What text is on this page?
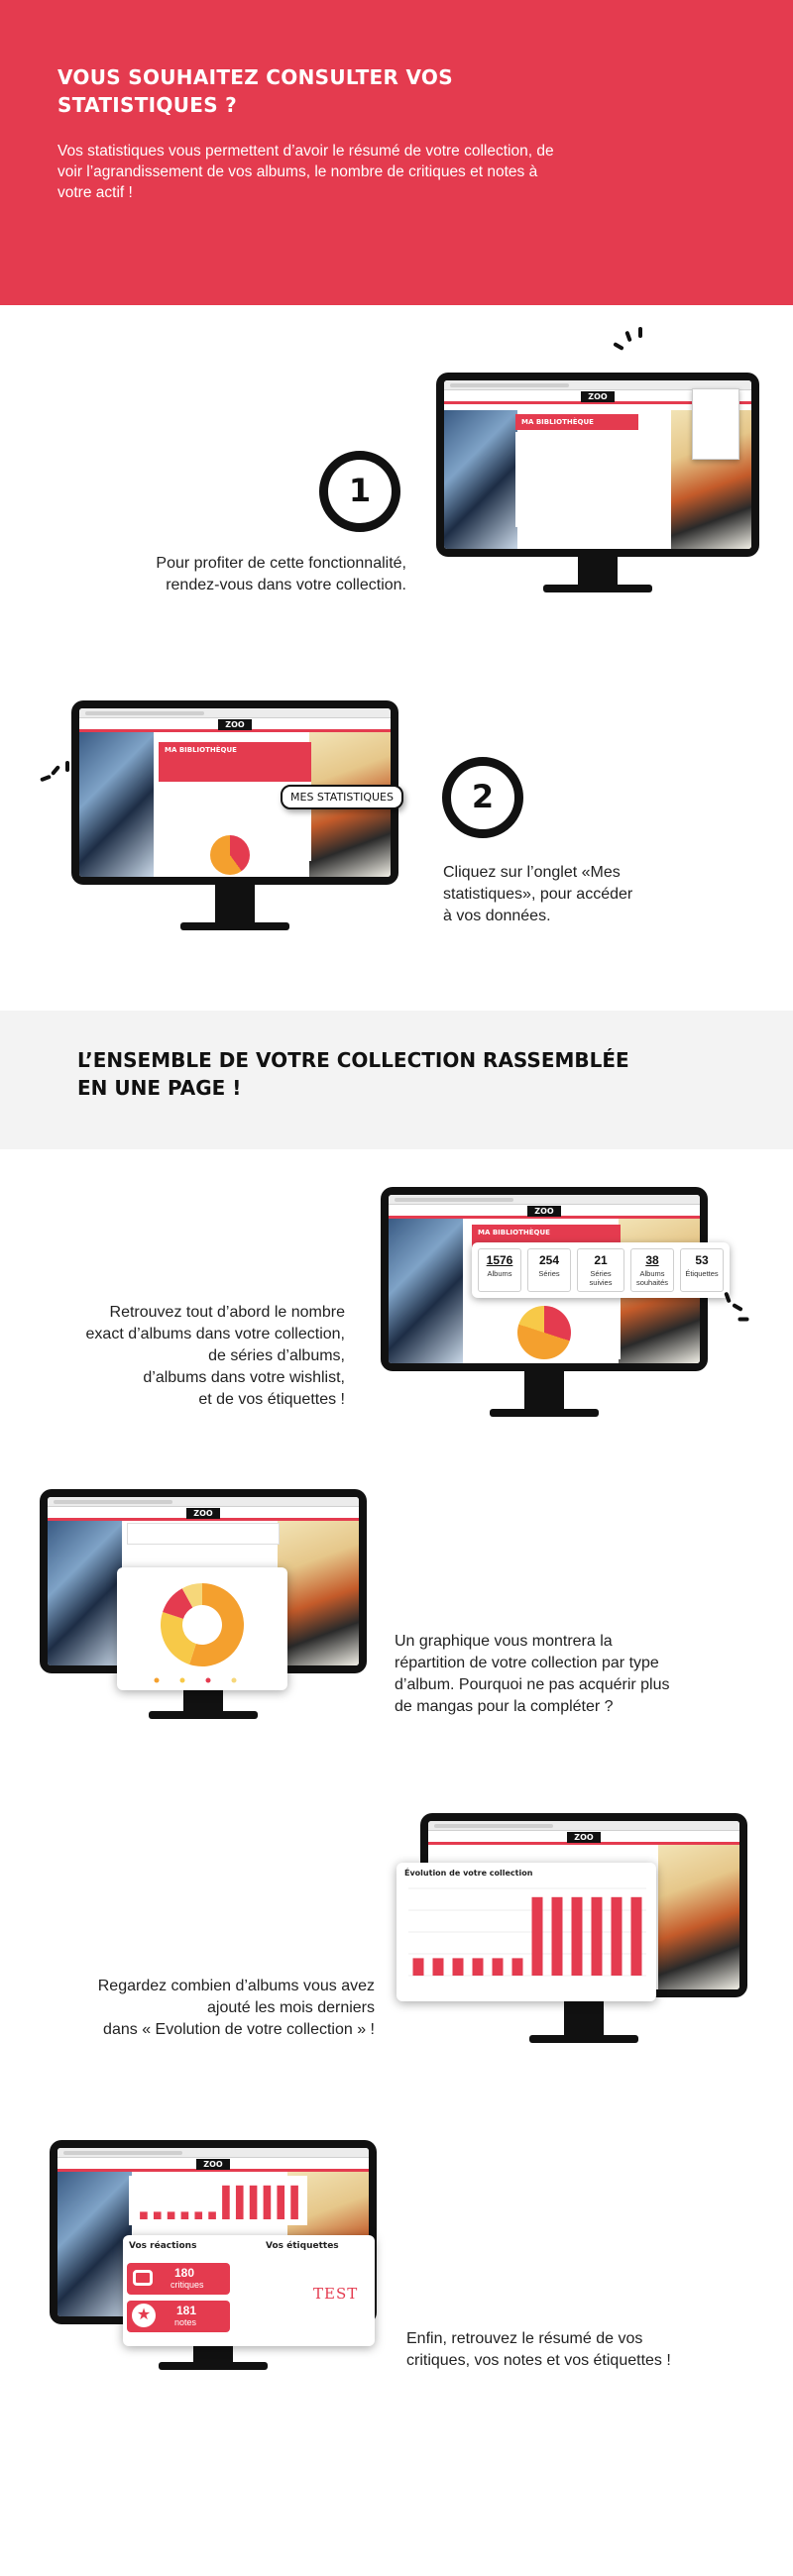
VOUS SOUHAITEZ CONSULTER VOS STATISTIQUES ?

Vos statistiques vous permettent d’avoir le résumé de votre collection, de voir l’agrandissement de vos albums, le nombre de critiques et notes à votre actif !

ZOO
MA BIBLIOTHÈQUE
1
Pour profiter de cette fonctionnalité,
rendez-vous dans votre collection.
ZOO
MA BIBLIOTHÈQUE
MES STATISTIQUES	2
Cliquez sur l’onglet «Mes
statistiques», pour accéder
à vos données.
L’ENSEMBLE DE VOTRE COLLECTION RASSEMBLÉE
EN UNE PAGE !
ZOO
MA BIBLIOTHÈQUE
1576
Albums
254
Séries
21
Séries suivies
38
Albums souhaités
53
Étiquettes
Retrouvez tout d’abord le nombre
exact d’albums dans votre collection,
de séries d’albums,
d’albums dans votre wishlist,
et de vos étiquettes !
ZOO
Un graphique vous montrera la
répartition de votre collection par type
d’album. Pourquoi ne pas acquérir plus
de mangas pour la compléter ?
ZOO
Évolution de votre collection
Regardez combien d’albums vous avez
ajouté les mois derniers
dans « Evolution de votre collection » !
ZOO
Vos réactions	Vos étiquettes
180
critiques
★	181
notes
TEST
Enfin, retrouvez le résumé de vos
critiques, vos notes et vos étiquettes !
